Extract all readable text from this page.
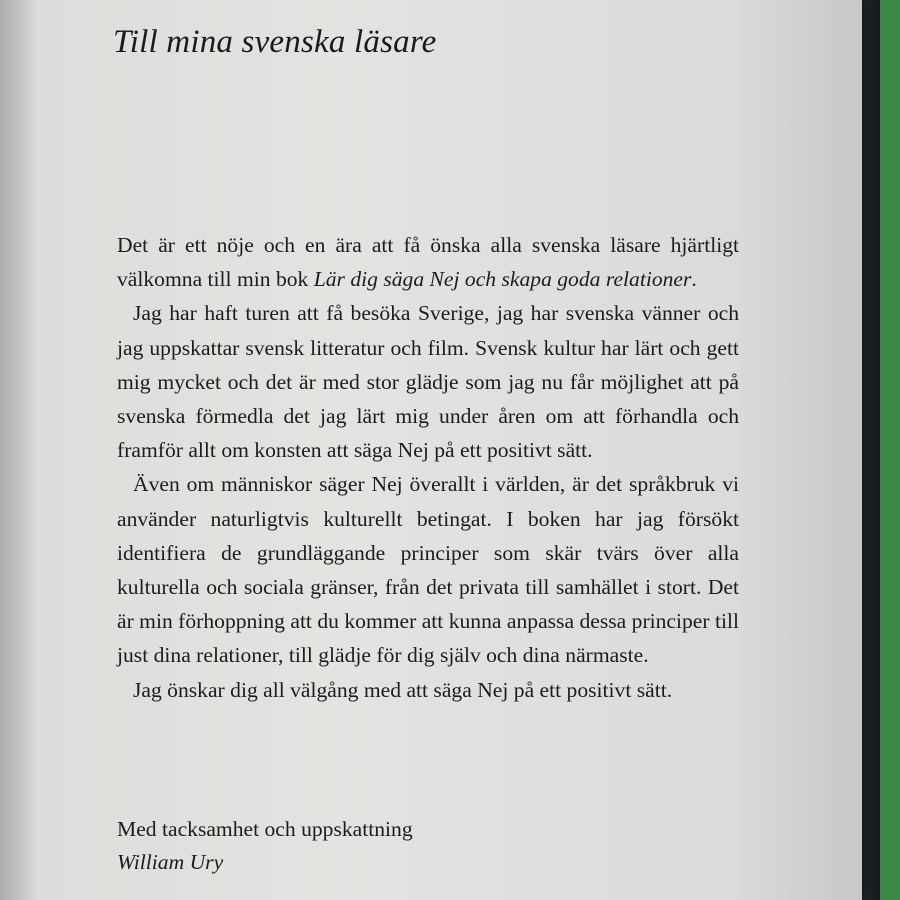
Till mina svenska läsare

Det är ett nöje och en ära att få önska alla svenska läsare hjärtligt välkomna till min bok Lär dig säga Nej och skapa goda relationer.

Jag har haft turen att få besöka Sverige, jag har svenska vänner och jag uppskattar svensk litteratur och film. Svensk kultur har lärt och gett mig mycket och det är med stor glädje som jag nu får möjlighet att på svenska förmedla det jag lärt mig under åren om att förhandla och framför allt om konsten att säga Nej på ett positivt sätt.

Även om människor säger Nej överallt i världen, är det språkbruk vi använder naturligtvis kulturellt betingat. I boken har jag försökt identifiera de grundläggande principer som skär tvärs över alla kulturella och sociala gränser, från det privata till samhället i stort. Det är min förhoppning att du kommer att kunna anpassa dessa principer till just dina relationer, till glädje för dig själv och dina närmaste.

Jag önskar dig all välgång med att säga Nej på ett positivt sätt.

Med tacksamhet och uppskattning
William Ury
